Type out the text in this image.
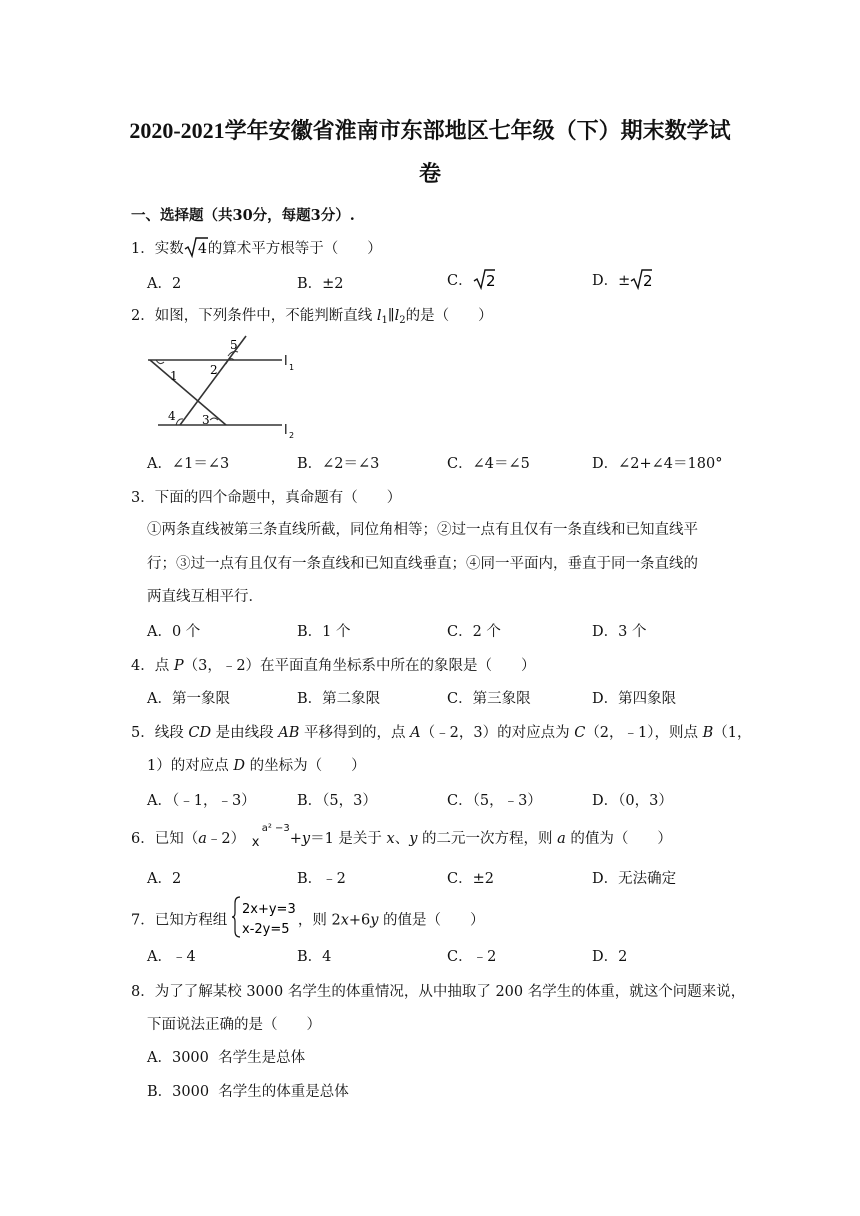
2020-2021学年安徽省淮南市东部地区七年级（下）期末数学试
卷
一、选择题（共30分，每题3分）.
1．实数 4 的算术平方根等于（　　）
A．2	B．±2	C． 2	D．± 2
2．如图，下列条件中，不能判断直线 $l_1\parallel l_2$的是（　　）
1	2
3
4
5
l 1
l 2
A．∠1＝∠3	B．∠2＝∠3	C．∠4＝∠5	D．∠2+∠4＝180°
3．下面的四个命题中，真命题有（　　）
①两条直线被第三条直线所截，同位角相等；②过一点有且仅有一条直线和已知直线平
行；③过一点有且仅有一条直线和已知直线垂直；④同一平面内，垂直于同一条直线的
两直线互相平行．
A．0 个	B．1 个	C．2 个	D．3 个
4．点 P（3，﹣2）在平面直角坐标系中所在的象限是（　　）
A．第一象限	B．第二象限	C．第三象限	D．第四象限
5．线段 CD 是由线段 AB 平移得到的，点 A（﹣2，3）的对应点为 C（2，﹣1），则点 B（1，
1）的对应点 D 的坐标为（　　）
A．（﹣1，﹣3）	B．（5，3）	C．（5，﹣3）	D．（0，3）
6．已知（a﹣2） x
a² −3
+y＝1 是关于 x、y 的二元一次方程，则 a 的值为（　　）
A．2	B．﹣2	C．±2	D．无法确定
7．已知方程组
2x+y=3
x-2y=5
，则 2x+6y 的值是（　　）
A．﹣4	B．4	C．﹣2	D．2
8．为了了解某校 3000 名学生的体重情况，从中抽取了 200 名学生的体重，就这个问题来说，
下面说法正确的是（　　）
A．3000  名学生是总体
B．3000  名学生的体重是总体
